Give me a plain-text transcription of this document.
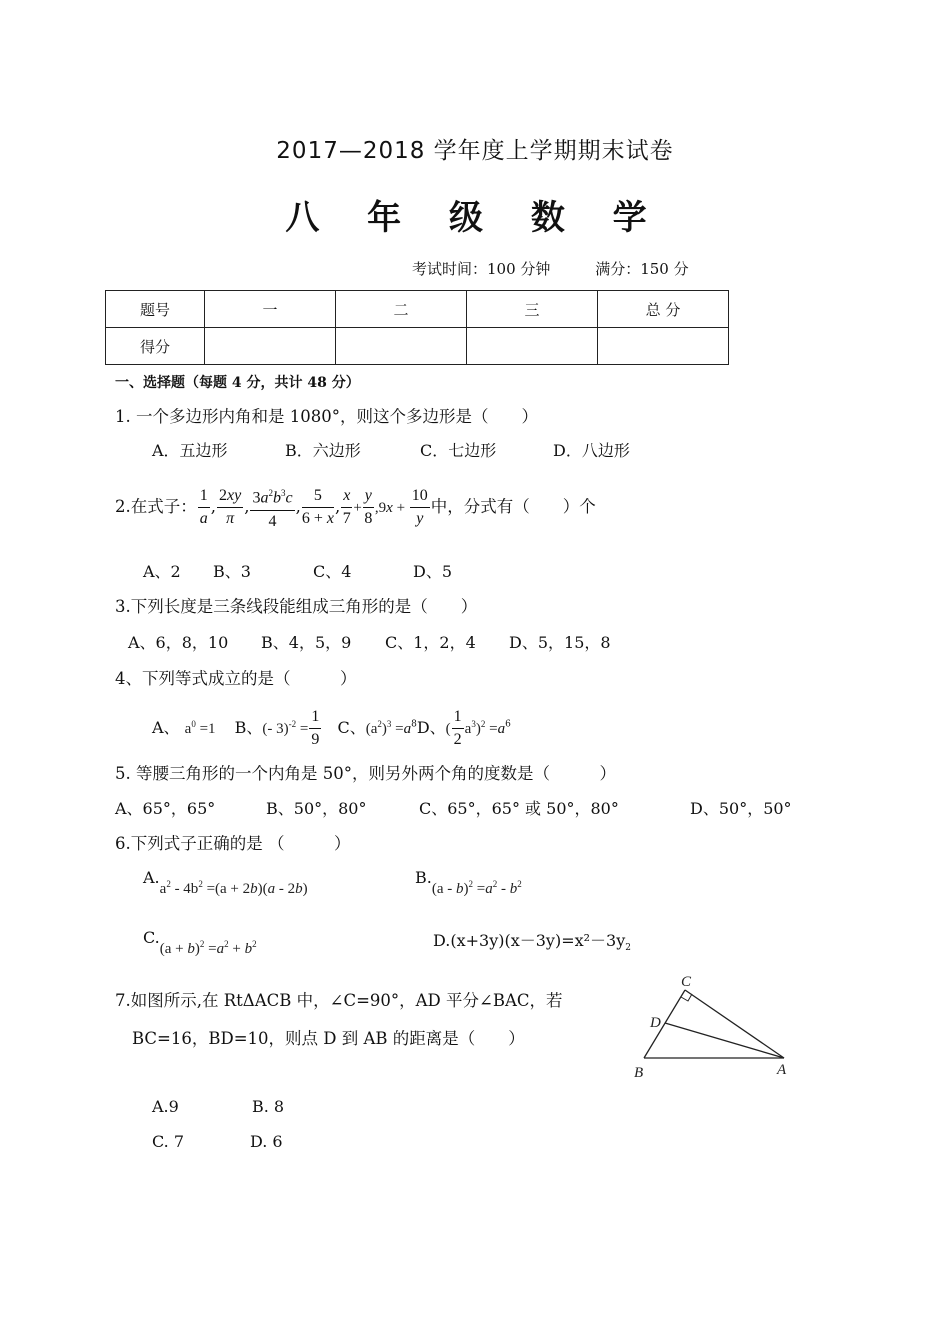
2017—2018 学年度上学期期末试卷
八 年 级 数 学
考试时间：100 分钟	满分：150 分
题号	一	二	三	总 分
得分				
一、选择题（每题 4 分，共计 48 分）
1. 一个多边形内角和是 1080°，则这个多边形是（　　）
A．五边形	B．六边形	C．七边形	D．八边形
2.在式子： $\frac{1}{a}$ , $\frac{2xy}{\pi}$ , $\frac{3a^2b^3c}{4}$ , $\frac{5}{6 + x}$ , $\frac{x}{7} + \frac{y}{8} ,9x + \frac{10}{y}$ 中，分式有（　　）个
A、2 B、3	C、4	D、5
3.下列长度是三条线段能组成三角形的是（　　）
A、6，8，10 B、4，5，9 C、1，2，4 D、5，15，8
4、下列等式成立的是（　　　）
A、 $a^0 =1$ B、(- $3)^{-2} = \frac{1}{9}$ C、$(a^2)^3 =a^8D$、( $\frac{1}{2} a^3)^2 =a^6$
5. 等腰三角形的一个内角是 50°，则另外两个角的度数是（　　　）
A、65°，65°	B、50°，80°	C、65°，65° 或 50°，80°	D、50°，50°
6.下列式子正确的是 （　　　）
$A.a^2 - 4b^2 =(a + 2b)(a - 2b)$
$B.(a - b)^2 =a^2 - b^2$
$C.(a + b)^2 =a^2 + b^2$	$D.(x+3y)(x-3y)=x^2-3y_2$
7.如图所示,在 RtΔACB 中，∠C=90°，AD 平分∠BAC，若
BC=16，BD=10，则点 D 到 AB 的距离是（　　）
C
D
B	A
A.9	B. 8
C. 7	D. 6
